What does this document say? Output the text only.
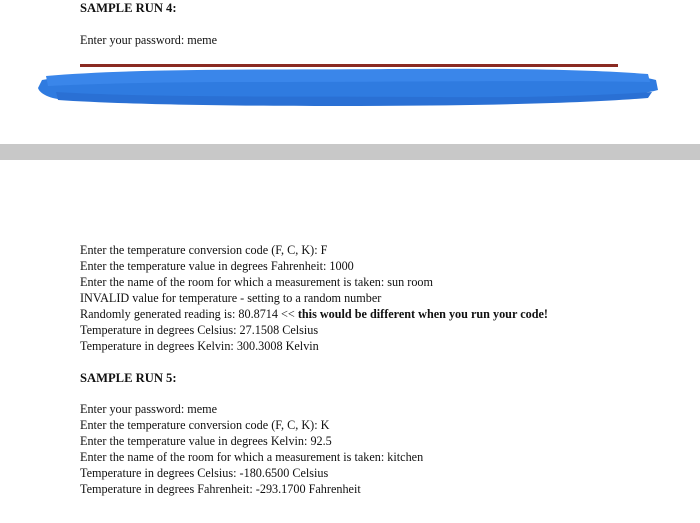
SAMPLE RUN 4:
Enter your password: meme
Enter the temperature conversion code (F, C, K): F
Enter the temperature value in degrees Fahrenheit: 1000
Enter the name of the room for which a measurement is taken: sun room
INVALID value for temperature - setting to a random number
Randomly generated reading is: 80.8714 << this would be different when you run your code!
Temperature in degrees Celsius: 27.1508 Celsius
Temperature in degrees Kelvin: 300.3008 Kelvin
SAMPLE RUN 5:
Enter your password: meme
Enter the temperature conversion code (F, C, K): K
Enter the temperature value in degrees Kelvin: 92.5
Enter the name of the room for which a measurement is taken: kitchen
Temperature in degrees Celsius: -180.6500 Celsius
Temperature in degrees Fahrenheit: -293.1700 Fahrenheit
